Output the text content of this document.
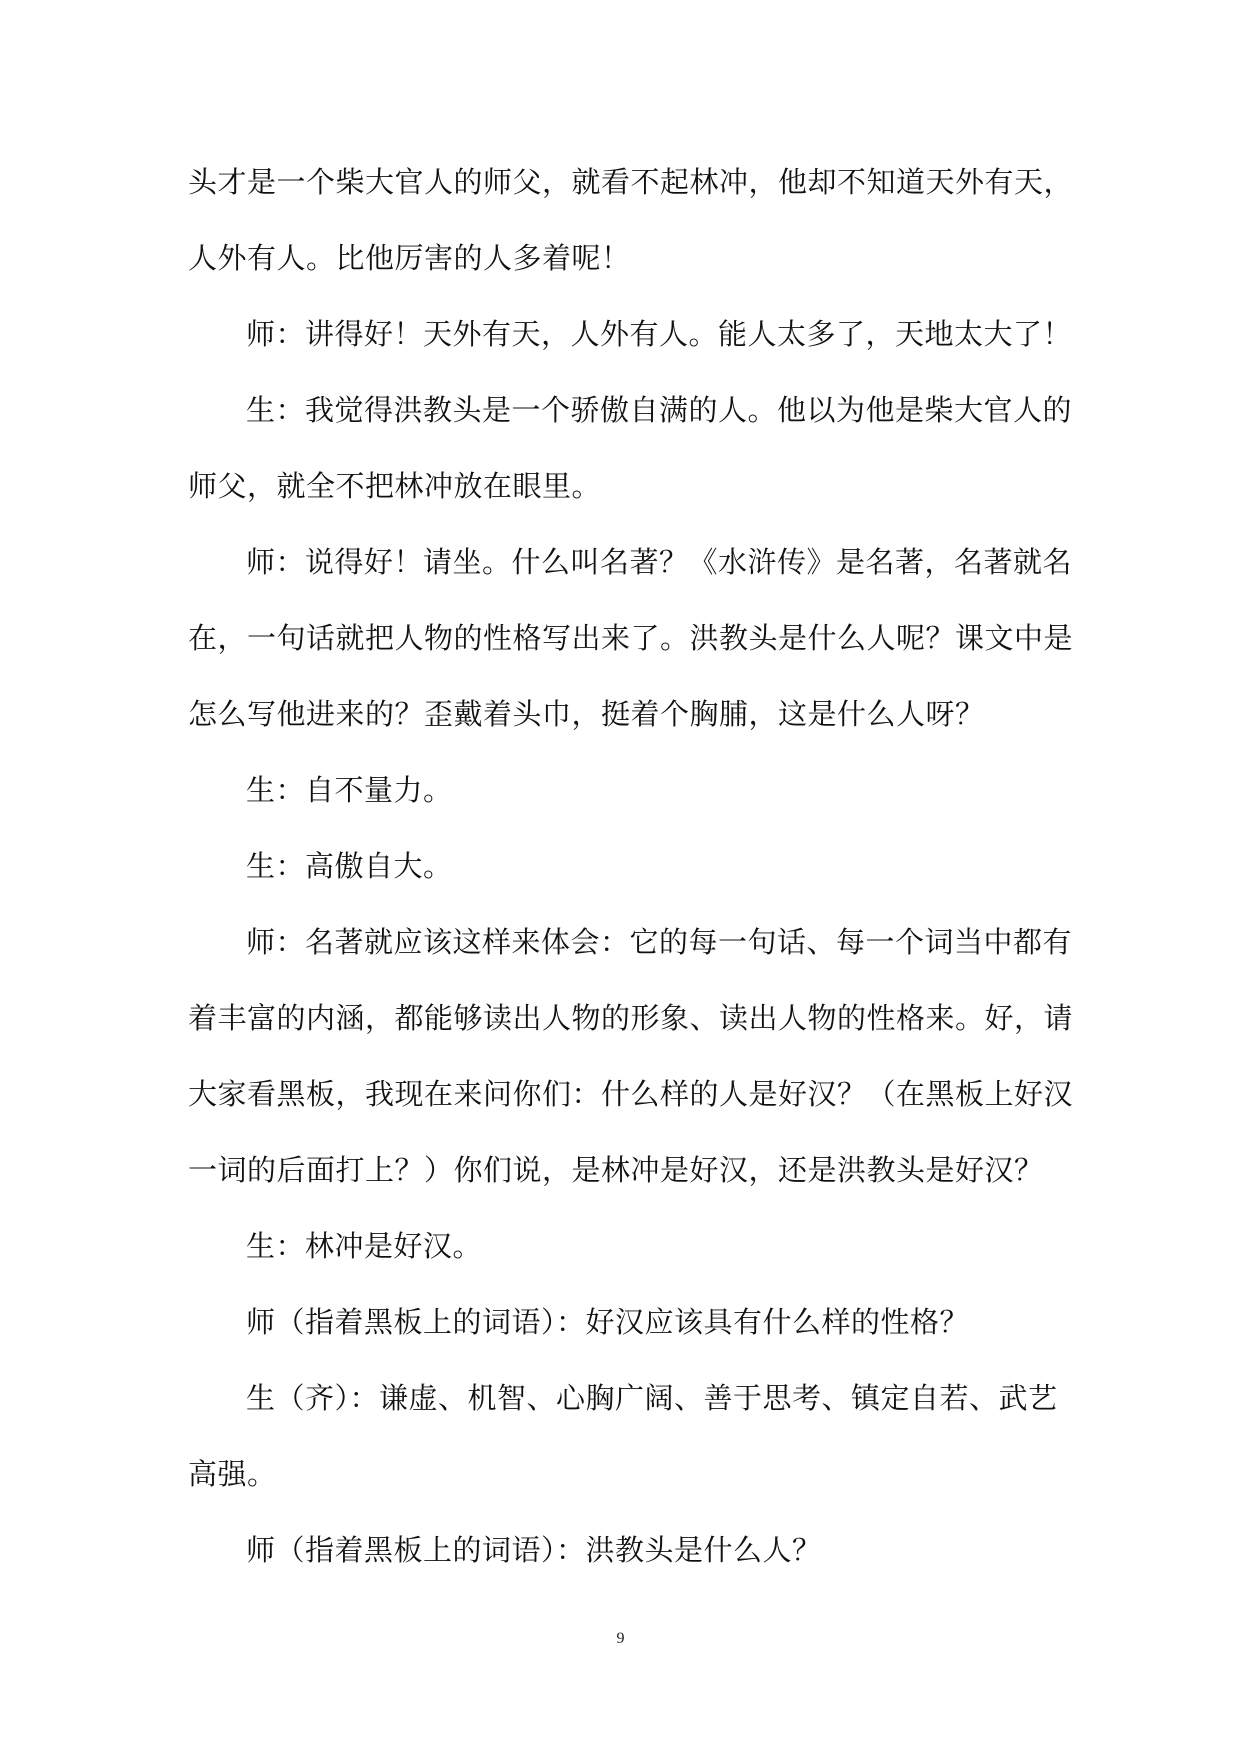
头才是一个柴大官人的师父，就看不起林冲，他却不知道天外有天，
人外有人。比他厉害的人多着呢！
师：讲得好！天外有天，人外有人。能人太多了，天地太大了！
生：我觉得洪教头是一个骄傲自满的人。他以为他是柴大官人的
师父，就全不把林冲放在眼里。
师：说得好！请坐。什么叫名著？《水浒传》是名著，名著就名
在，一句话就把人物的性格写出来了。洪教头是什么人呢？课文中是
怎么写他进来的？歪戴着头巾，挺着个胸脯，这是什么人呀？
生：自不量力。
生：高傲自大。
师：名著就应该这样来体会：它的每一句话、每一个词当中都有
着丰富的内涵，都能够读出人物的形象、读出人物的性格来。好，请
大家看黑板，我现在来问你们：什么样的人是好汉？（在黑板上好汉
一词的后面打上？）你们说，是林冲是好汉，还是洪教头是好汉？
生：林冲是好汉。
师（指着黑板上的词语）：好汉应该具有什么样的性格？
生（齐）：谦虚、机智、心胸广阔、善于思考、镇定自若、武艺
高强。
师（指着黑板上的词语）：洪教头是什么人？
9
